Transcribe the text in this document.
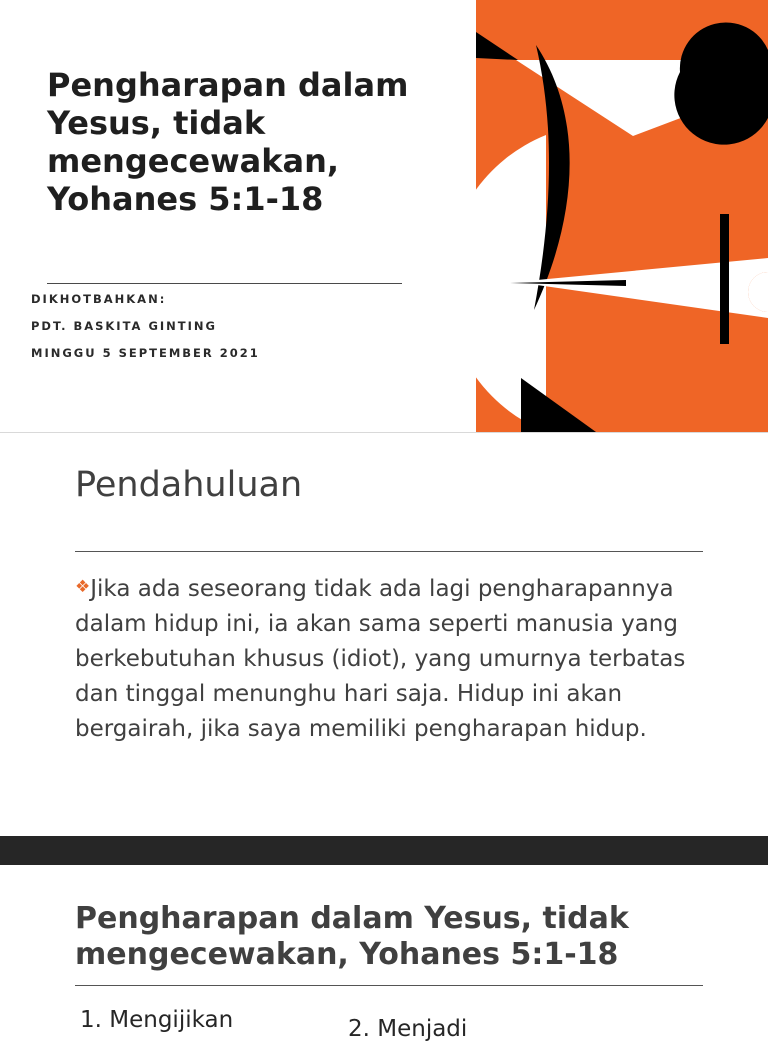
Pengharapan dalam Yesus, tidak mengecewakan, Yohanes 5:1-18

DIKHOTBAHKAN:

PDT. BASKITA GINTING

MINGGU 5 SEPTEMBER 2021

Pendahuluan
❖Jika ada seseorang tidak ada lagi pengharapannya dalam hidup ini, ia akan sama seperti manusia yang berkebutuhan khusus (idiot), yang umurnya terbatas dan tinggal menunghu hari saja. Hidup ini akan bergairah, jika saya memiliki pengharapan hidup.
Pengharapan dalam Yesus, tidak mengecewakan, Yohanes 5:1-18

1. Mengijikan	2. Menjadi
